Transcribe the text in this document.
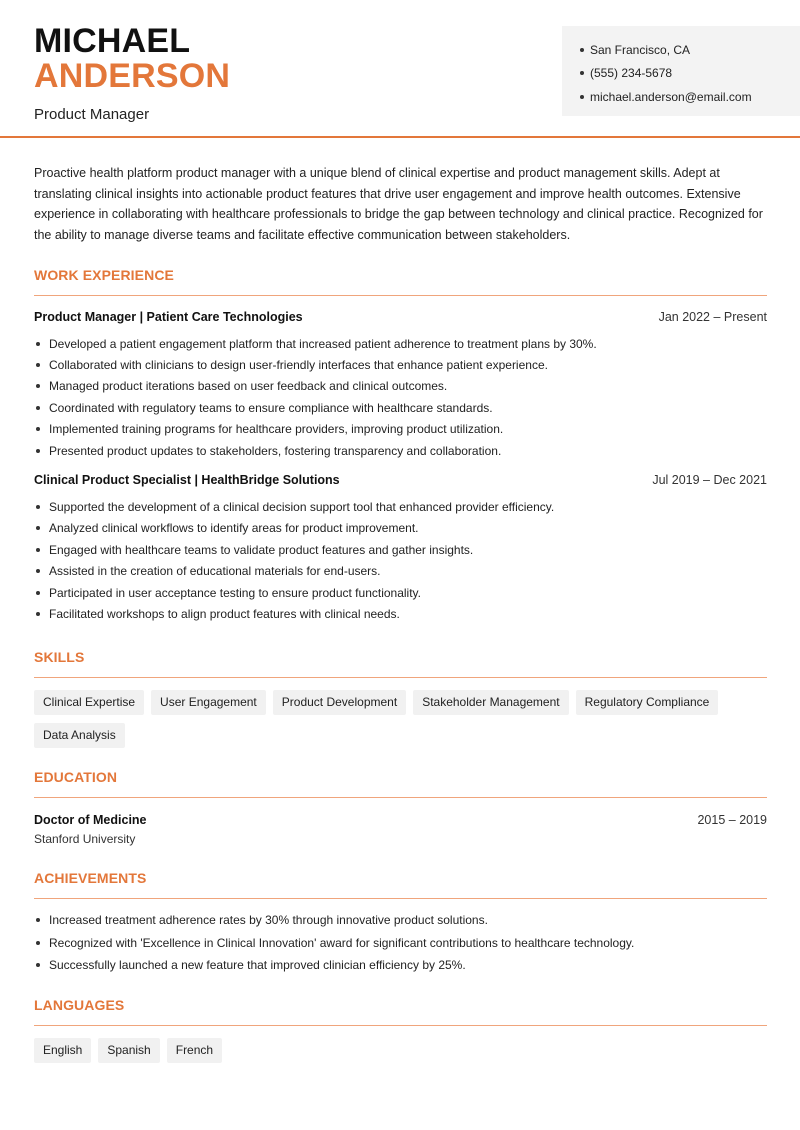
MICHAEL
ANDERSON
Product Manager
San Francisco, CA
(555) 234-5678
michael.anderson@email.com

Proactive health platform product manager with a unique blend of clinical expertise and product management skills. Adept at translating clinical insights into actionable product features that drive user engagement and improve health outcomes. Extensive experience in collaborating with healthcare professionals to bridge the gap between technology and clinical practice. Recognized for the ability to manage diverse teams and facilitate effective communication between stakeholders.

WORK EXPERIENCE
Product Manager | Patient Care Technologies	Jan 2022 – Present
Developed a patient engagement platform that increased patient adherence to treatment plans by 30%.
Collaborated with clinicians to design user-friendly interfaces that enhance patient experience.
Managed product iterations based on user feedback and clinical outcomes.
Coordinated with regulatory teams to ensure compliance with healthcare standards.
Implemented training programs for healthcare providers, improving product utilization.
Presented product updates to stakeholders, fostering transparency and collaboration.
Clinical Product Specialist | HealthBridge Solutions	Jul 2019 – Dec 2021
Supported the development of a clinical decision support tool that enhanced provider efficiency.
Analyzed clinical workflows to identify areas for product improvement.
Engaged with healthcare teams to validate product features and gather insights.
Assisted in the creation of educational materials for end-users.
Participated in user acceptance testing to ensure product functionality.
Facilitated workshops to align product features with clinical needs.
SKILLS
Clinical Expertise	User Engagement	Product Development	Stakeholder Management	Regulatory Compliance
Data Analysis
EDUCATION
Doctor of Medicine	2015 – 2019
Stanford University
ACHIEVEMENTS
Increased treatment adherence rates by 30% through innovative product solutions.
Recognized with 'Excellence in Clinical Innovation' award for significant contributions to healthcare technology.
Successfully launched a new feature that improved clinician efficiency by 25%.
LANGUAGES
English	Spanish	French
